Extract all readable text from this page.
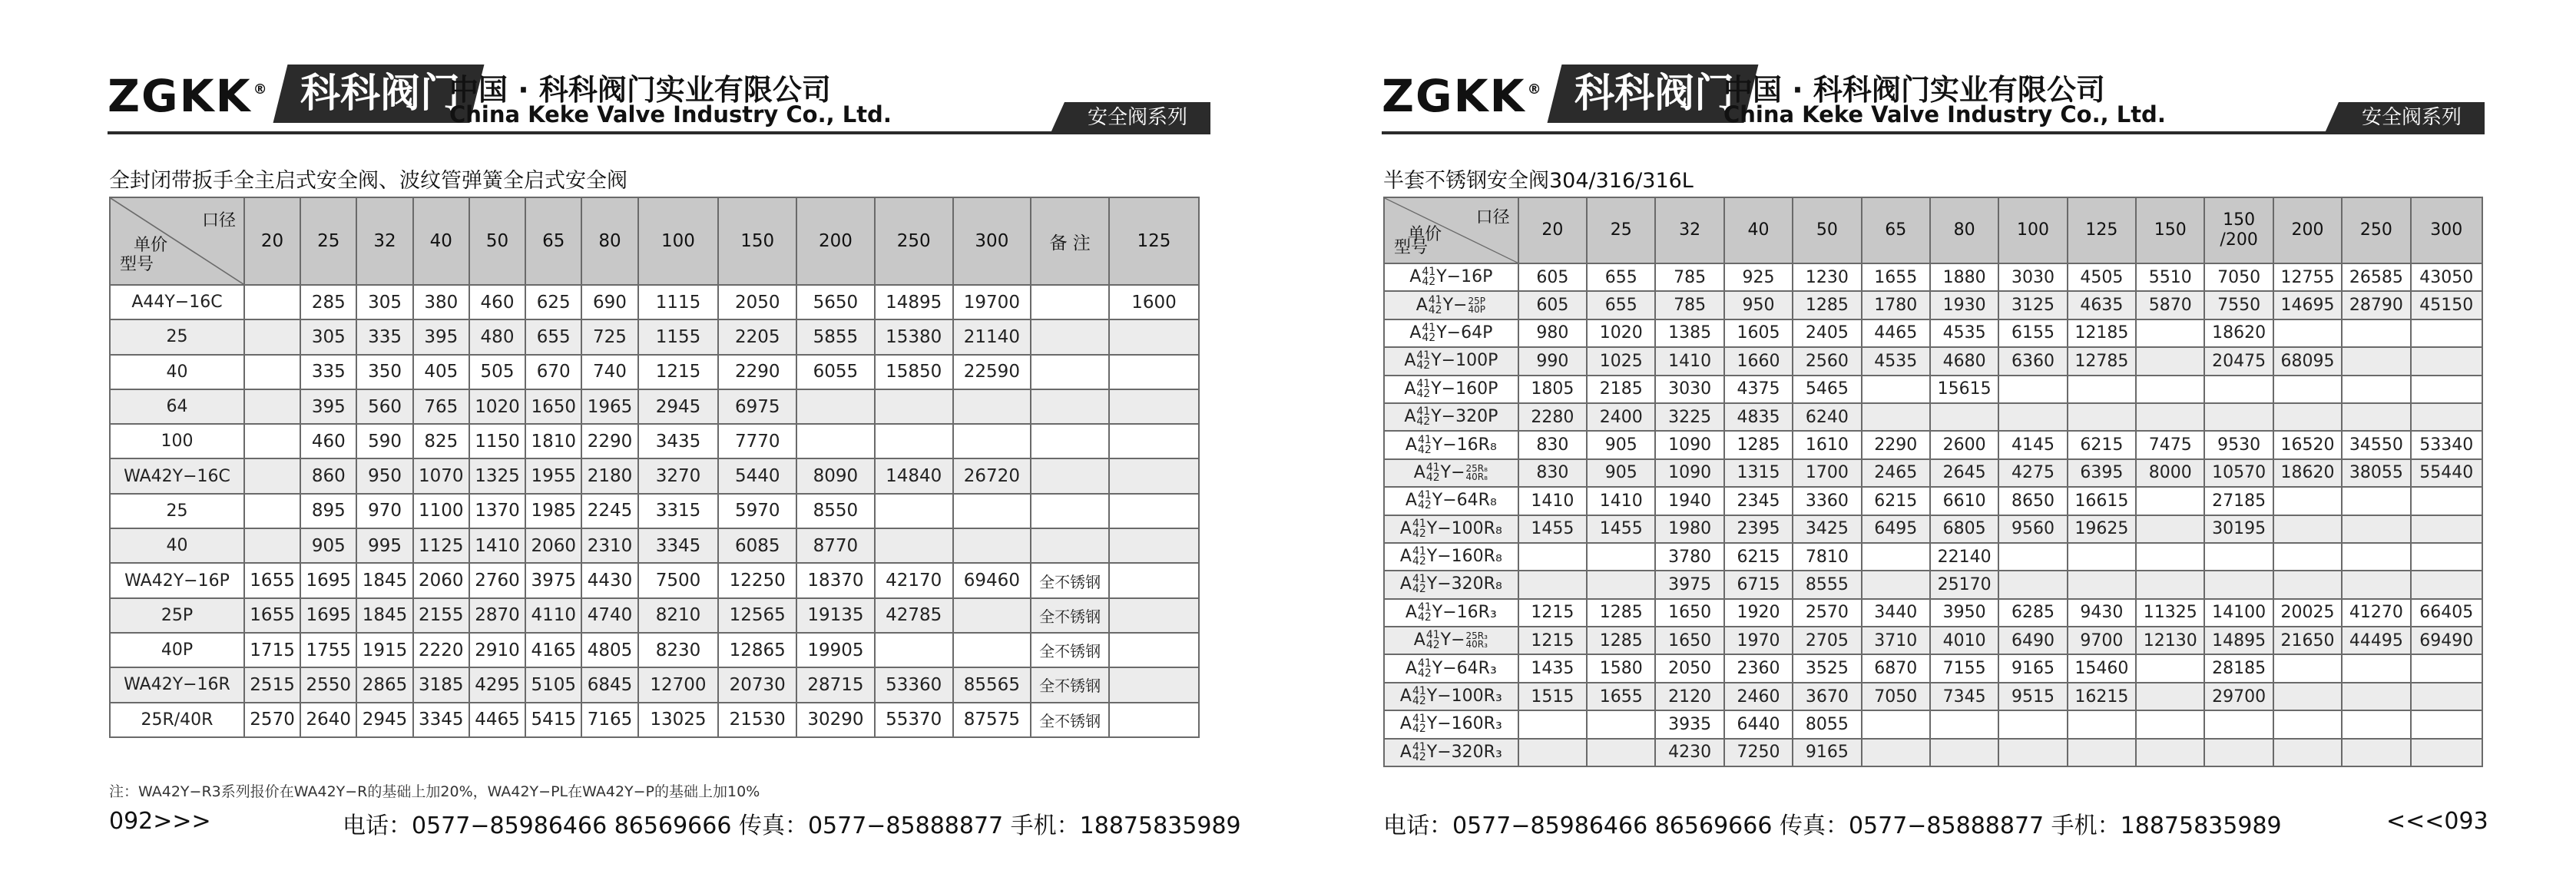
ZGKK ® 科科阀门
中国 · 科科阀门实业有限公司
China Keke Valve Industry Co., Ltd.	安全阀系列
全封闭带扳手全主启式安全阀、波纹管弹簧全启式安全阀
口径
单价
型号	20	25	32	40	50	65	80	100	150	200	250	300	备 注	125
A44Y−16C		285	305	380	460	625	690	1115	2050	5650	14895	19700		1600
25		305	335	395	480	655	725	1155	2205	5855	15380	21140		
40		335	350	405	505	670	740	1215	2290	6055	15850	22590		
64		395	560	765	1020	1650	1965	2945	6975					
100		460	590	825	1150	1810	2290	3435	7770					
WA42Y−16C		860	950	1070	1325	1955	2180	3270	5440	8090	14840	26720		
25		895	970	1100	1370	1985	2245	3315	5970	8550				
40		905	995	1125	1410	2060	2310	3345	6085	8770				
WA42Y−16P	1655	1695	1845	2060	2760	3975	4430	7500	12250	18370	42170	69460	全不锈钢	
25P	1655	1695	1845	2155	2870	4110	4740	8210	12565	19135	42785		全不锈钢	
40P	1715	1755	1915	2220	2910	4165	4805	8230	12865	19905			全不锈钢	
WA42Y−16R	2515	2550	2865	3185	4295	5105	6845	12700	20730	28715	53360	85565	全不锈钢	
25R/40R	2570	2640	2945	3345	4465	5415	7165	13025	21530	30290	55370	87575	全不锈钢	
注：WA42Y−R3系列报价在WA42Y−R的基础上加20%，WA42Y−PL在WA42Y−P的基础上加10%
092>>>	电话：0577−85986466 86569666 传真：0577−85888877 手机：18875835989
ZGKK ® 科科阀门
中国 · 科科阀门实业有限公司
China Keke Valve Industry Co., Ltd.	安全阀系列
半套不锈钢安全阀304/316/316L
口径
单价
型号	20	25	32	40	50	65	80	100	125	150	150
/200	200	250	300
A41
42Y−16P	605	655	785	925	1230	1655	1880	3030	4505	5510	7050	12755	26585	43050
A41
42Y−25P
40P	605	655	785	950	1285	1780	1930	3125	4635	5870	7550	14695	28790	45150
A41
42Y−64P	980	1020	1385	1605	2405	4465	4535	6155	12185		18620			
A41
42Y−100P	990	1025	1410	1660	2560	4535	4680	6360	12785		20475	68095		
A41
42Y−160P	1805	2185	3030	4375	5465		15615							
A41
42Y−320P	2280	2400	3225	4835	6240									
A41
42Y−16R₈	830	905	1090	1285	1610	2290	2600	4145	6215	7475	9530	16520	34550	53340
A41
42Y−25R₈
40R₈	830	905	1090	1315	1700	2465	2645	4275	6395	8000	10570	18620	38055	55440
A41
42Y−64R₈	1410	1410	1940	2345	3360	6215	6610	8650	16615		27185			
A41
42Y−100R₈	1455	1455	1980	2395	3425	6495	6805	9560	19625		30195			
A41
42Y−160R₈			3780	6215	7810		22140							
A41
42Y−320R₈			3975	6715	8555		25170							
A41
42Y−16R₃	1215	1285	1650	1920	2570	3440	3950	6285	9430	11325	14100	20025	41270	66405
A41
42Y−25R₃
40R₃	1215	1285	1650	1970	2705	3710	4010	6490	9700	12130	14895	21650	44495	69490
A41
42Y−64R₃	1435	1580	2050	2360	3525	6870	7155	9165	15460		28185			
A41
42Y−100R₃	1515	1655	2120	2460	3670	7050	7345	9515	16215		29700			
A41
42Y−160R₃			3935	6440	8055									
A41
42Y−320R₃			4230	7250	9165									
电话：0577−85986466 86569666 传真：0577−85888877 手机：18875835989	<<<093
